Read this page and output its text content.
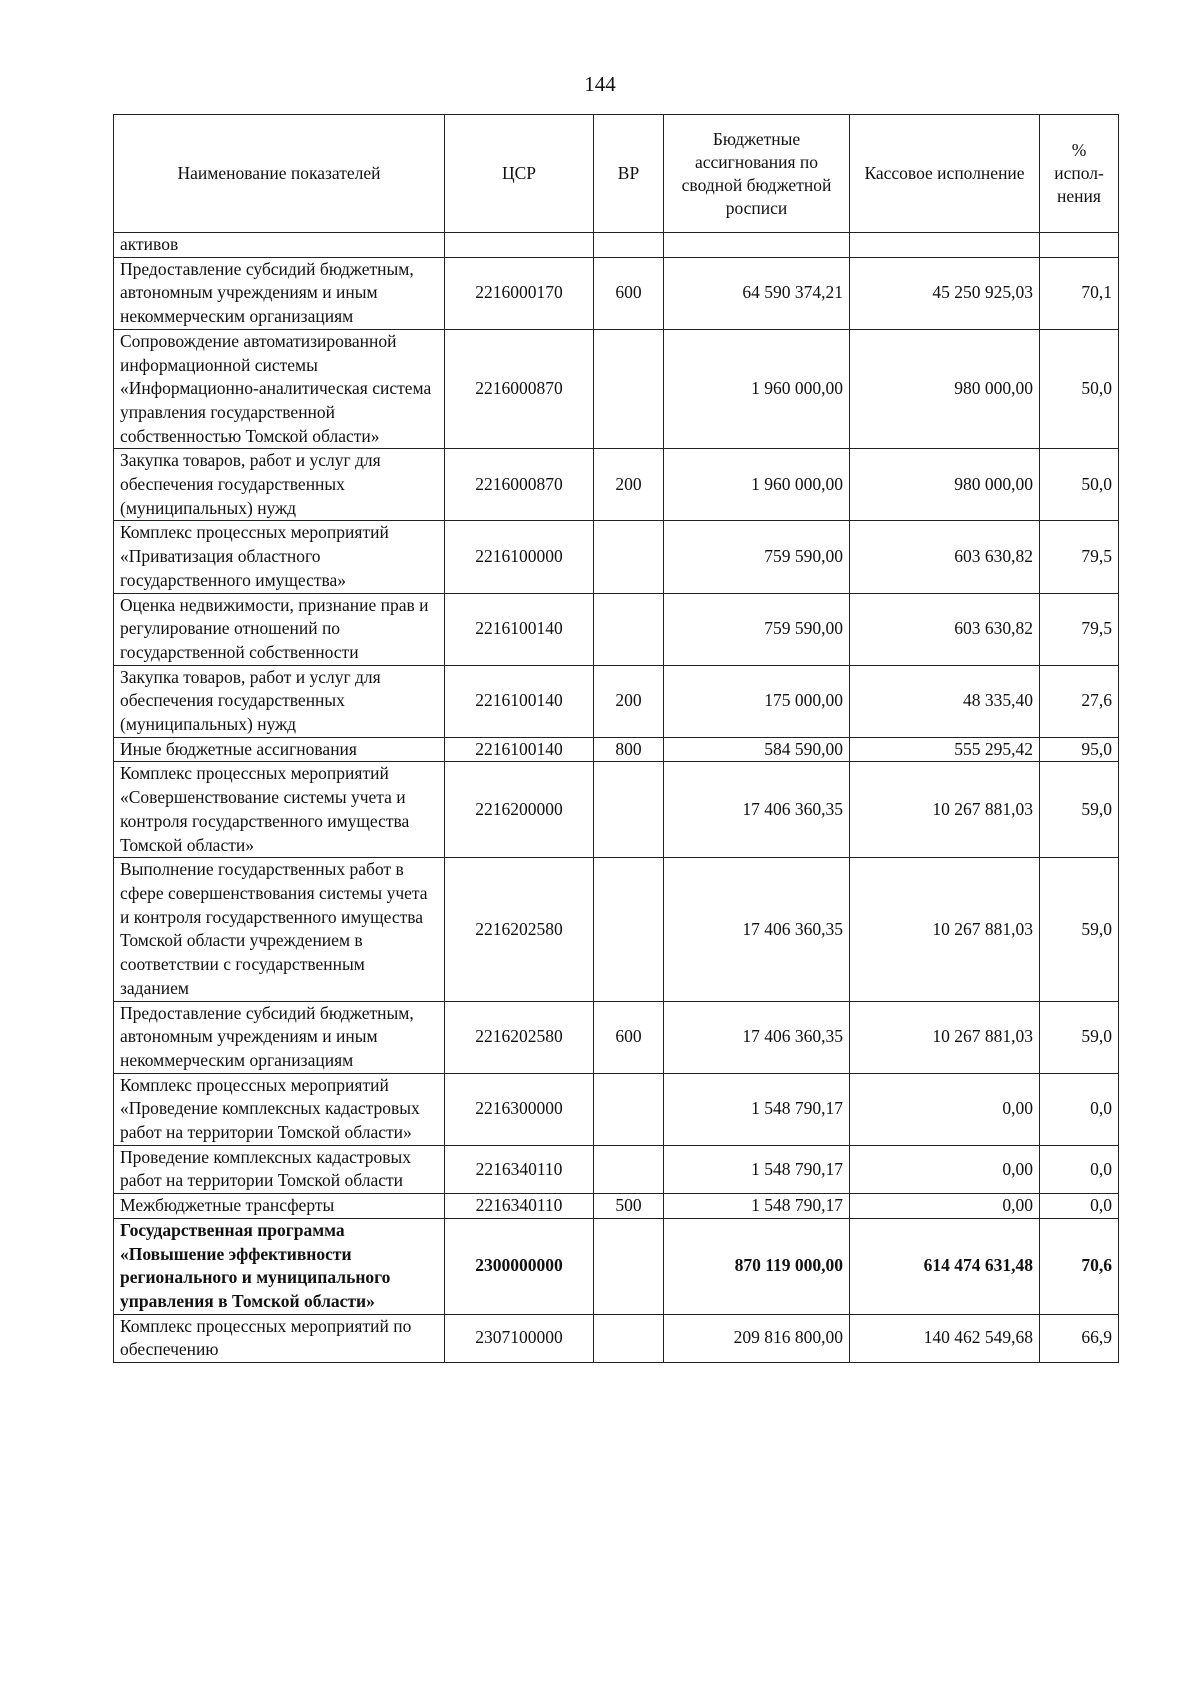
144
Наименование показателей	ЦСР	ВР	Бюджетные ассигнования по сводной бюджетной росписи	Кассовое исполнение	% испол-нения
активов					
Предоставление субсидий бюджетным, автономным учреждениям и иным некоммерческим организациям	2216000170	600	64 590 374,21	45 250 925,03	70,1
Сопровождение автоматизированной информационной системы «Информационно-аналитическая система управления государственной собственностью Томской области»	2216000870		1 960 000,00	980 000,00	50,0
Закупка товаров, работ и услуг для обеспечения государственных (муниципальных) нужд	2216000870	200	1 960 000,00	980 000,00	50,0
Комплекс процессных мероприятий «Приватизация областного государственного имущества»	2216100000		759 590,00	603 630,82	79,5
Оценка недвижимости, признание прав и регулирование отношений по государственной собственности	2216100140		759 590,00	603 630,82	79,5
Закупка товаров, работ и услуг для обеспечения государственных (муниципальных) нужд	2216100140	200	175 000,00	48 335,40	27,6
Иные бюджетные ассигнования	2216100140	800	584 590,00	555 295,42	95,0
Комплекс процессных мероприятий «Совершенствование системы учета и контроля государственного имущества Томской области»	2216200000		17 406 360,35	10 267 881,03	59,0
Выполнение государственных работ в сфере совершенствования системы учета и контроля государственного имущества Томской области учреждением в соответствии с государственным заданием	2216202580		17 406 360,35	10 267 881,03	59,0
Предоставление субсидий бюджетным, автономным учреждениям и иным некоммерческим организациям	2216202580	600	17 406 360,35	10 267 881,03	59,0
Комплекс процессных мероприятий «Проведение комплексных кадастровых работ на территории Томской области»	2216300000		1 548 790,17	0,00	0,0
Проведение комплексных кадастровых работ на территории Томской области	2216340110		1 548 790,17	0,00	0,0
Межбюджетные трансферты	2216340110	500	1 548 790,17	0,00	0,0
Государственная программа «Повышение эффективности регионального и муниципального управления в Томской области»	2300000000		870 119 000,00	614 474 631,48	70,6
Комплекс процессных мероприятий по обеспечению	2307100000		209 816 800,00	140 462 549,68	66,9
